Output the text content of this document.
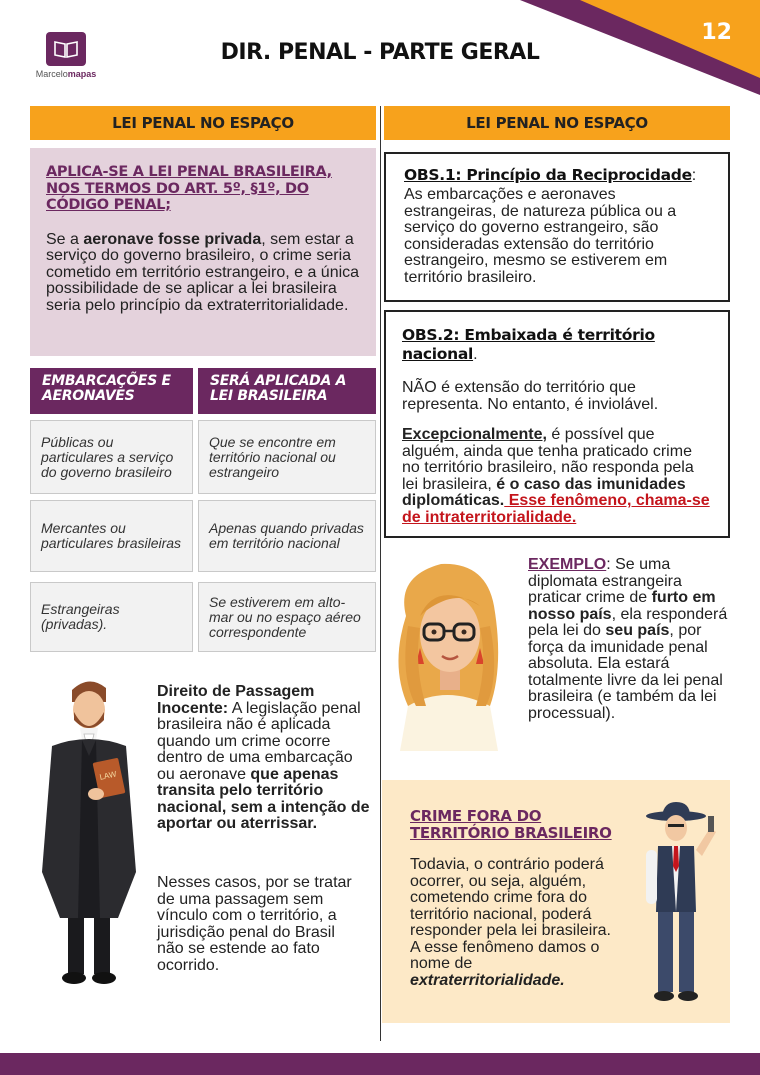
12
Marcelomapas
DIR. PENAL - PARTE GERAL
LEI PENAL NO ESPAÇO	LEI PENAL NO ESPAÇO
APLICA-SE A LEI PENAL BRASILEIRA, NOS TERMOS DO ART. 5º, §1º, DO CÓDIGO PENAL;
Se a aeronave fosse privada, sem estar a serviço do governo brasileiro, o crime seria cometido em território estrangeiro, e a única possibilidade de se aplicar a lei brasileira seria pelo princípio da extraterritorialidade.
EMBARCAÇÕES E AERONAVES
SERÁ APLICADA A LEI BRASILEIRA
Públicas ou particulares a serviço do governo brasileiro
Que se encontre em território nacional ou estrangeiro
Mercantes ou particulares brasileiras
Apenas quando privadas em território nacional
Estrangeiras (privadas).
Se estiverem em alto-mar ou no espaço aéreo correspondente
LAW
Direito de Passagem Inocente: A legislação penal brasileira não é aplicada quando um crime ocorre dentro de uma embarcação ou aeronave que apenas transita pelo território nacional, sem a intenção de aportar ou aterrissar.
Nesses casos, por se tratar de uma passagem sem vínculo com o território, a jurisdição penal do Brasil não se estende ao fato ocorrido.
OBS.1: Princípio da Reciprocidade:
As embarcações e aeronaves estrangeiras, de natureza pública ou a serviço do governo estrangeiro, são consideradas extensão do território estrangeiro, mesmo se estiverem em território brasileiro.
OBS.2: Embaixada é território nacional.
NÃO é extensão do território que representa. No entanto, é inviolável.
Excepcionalmente, é possível que alguém, ainda que tenha praticado crime no território brasileiro, não responda pela lei brasileira, é o caso das imunidades diplomáticas. Esse fenômeno, chama-se de intraterritorialidade.
EXEMPLO: Se uma diplomata estrangeira praticar crime de furto em nosso país, ela responderá pela lei do seu país, por força da imunidade penal absoluta. Ela estará totalmente livre da lei penal brasileira (e também da lei processual).
CRIME FORA DO TERRITÓRIO BRASILEIRO
Todavia, o contrário poderá ocorrer, ou seja, alguém, cometendo crime fora do território nacional, poderá responder pela lei brasileira. A esse fenômeno damos o nome de extraterritorialidade.
